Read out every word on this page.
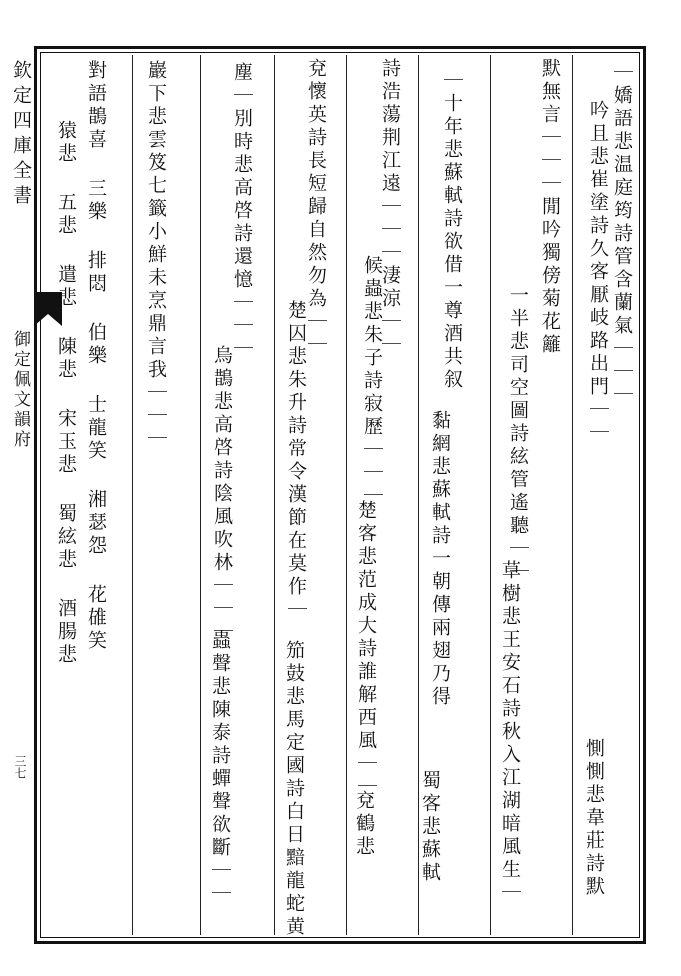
欽定四庫全書
御定佩文韻府
三七
｜嬌語悲温庭筠詩管含蘭氣｜｜｜
吟且悲崔塗詩久客厭岐路出門｜｜
惻惻悲韋莊詩默
默無言｜｜｜閒吟獨傍菊花籬
一半悲司空圖詩絃管遙聽｜｜
草樹悲王安石詩秋入江湖暗風生｜
｜十年悲蘇軾詩欲借一尊酒共叙
黏網悲蘇軾詩一朝傳兩翅乃得
蜀客悲蘇軾
詩浩蕩荆江遠｜｜｜淒涼｜｜
候蟲悲朱子詩寂歷｜｜｜
楚客悲范成大詩誰解西風｜｜
兗鶴悲
兗懷英詩長短歸自然勿為｜｜
楚囚悲朱升詩常令漢節在莫作｜
笳鼓悲馬定國詩白日黯龍蛇黄
塵｜別時悲高啓詩還憶｜｜｜
烏鵲悲高啓詩陰風吹林｜｜｜
蟲聲悲陳泰詩蟬聲欲斷｜｜
巖下悲雲笈七籤小鮮未烹鼎言我｜｜｜
對語鵲喜 三樂 排悶 伯樂 士龍笑 湘瑟怨 花䧺笑
猿悲 五悲 遣悲 陳悲 宋玉悲 蜀絃悲 酒腸悲
